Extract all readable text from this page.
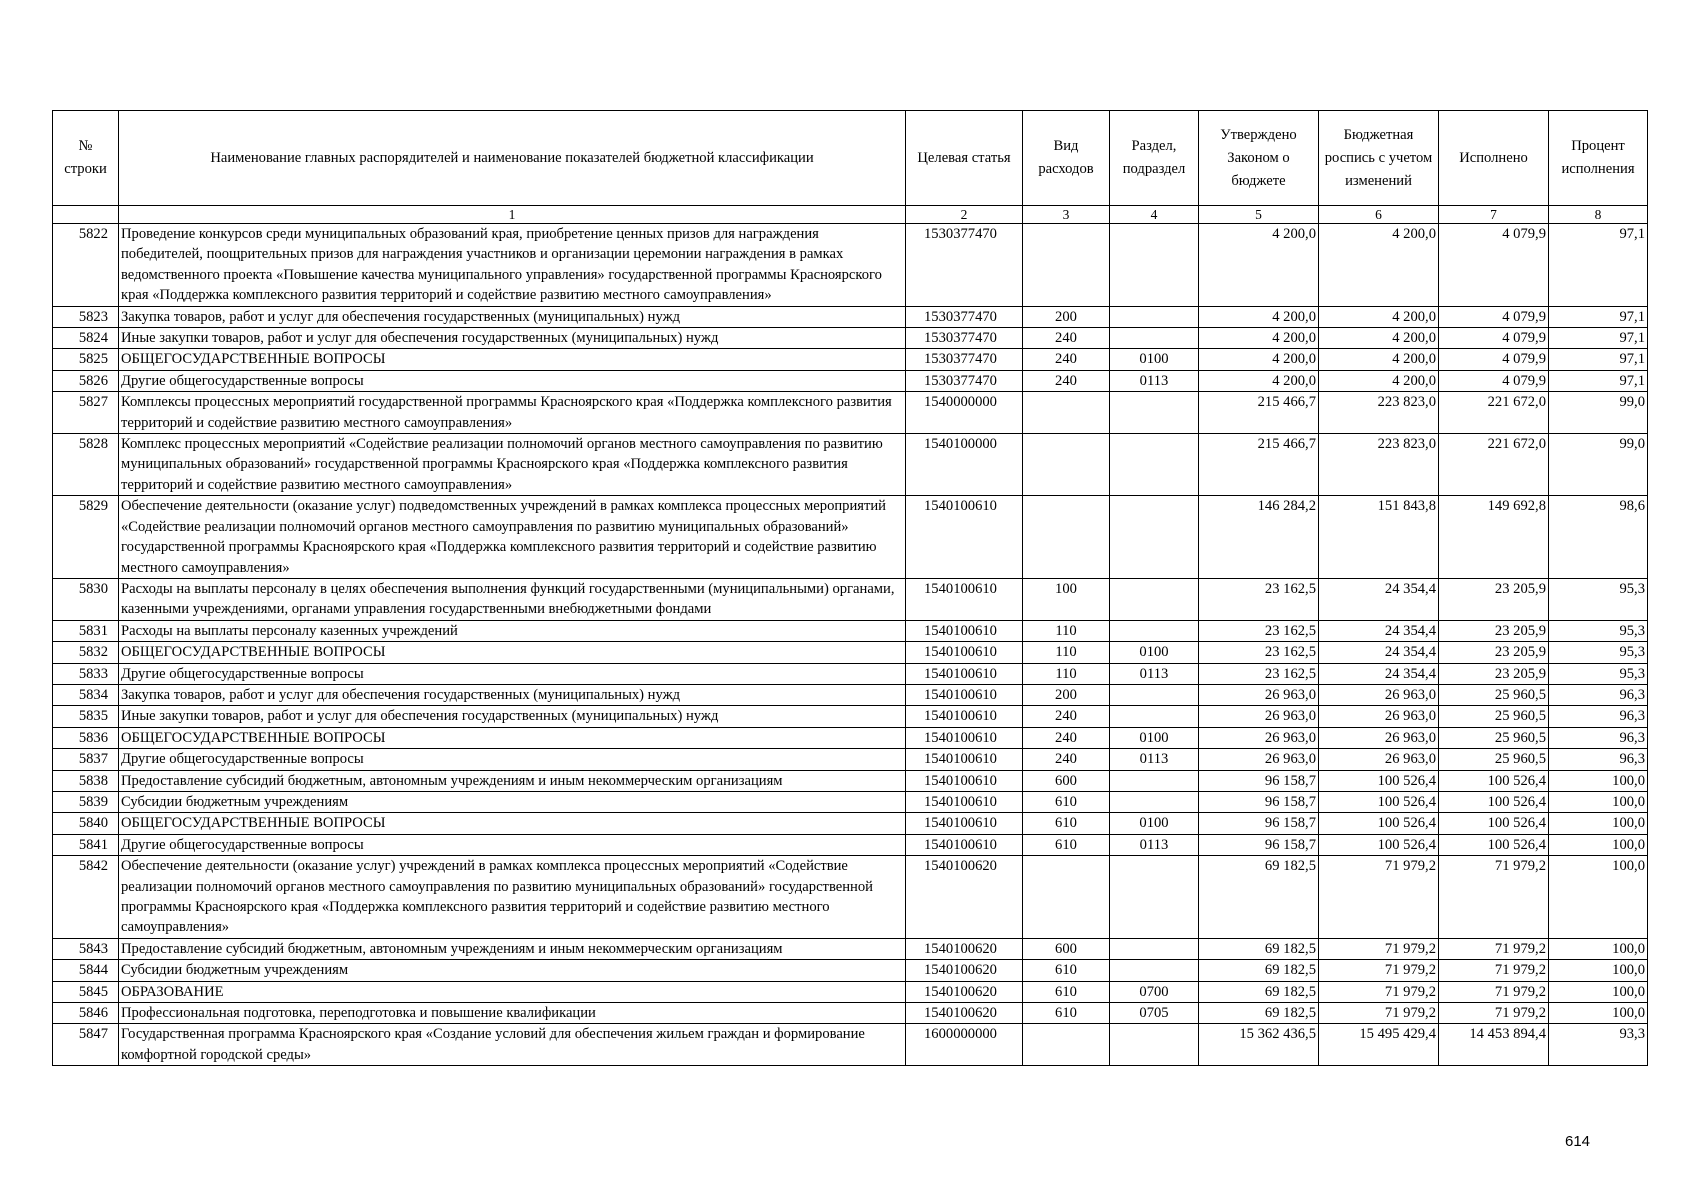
№ строки	Наименование главных распорядителей и наименование показателей бюджетной классификации	Целевая статья	Вид расходов	Раздел, подраздел	Утверждено Законом о бюджете	Бюджетная роспись с учетом изменений	Исполнено	Процент исполнения
	1	2	3	4	5	6	7	8
5822	Проведение конкурсов среди муниципальных образований края, приобретение ценных призов для награждения победителей, поощрительных призов для награждения участников и организации церемонии награждения в рамках ведомственного проекта «Повышение качества муниципального управления» государственной программы Красноярского края «Поддержка комплексного развития территорий и содействие развитию местного самоуправления»	1530377470			4 200,0	4 200,0	4 079,9	97,1
5823	Закупка товаров, работ и услуг для обеспечения государственных (муниципальных) нужд	1530377470	200		4 200,0	4 200,0	4 079,9	97,1
5824	Иные закупки товаров, работ и услуг для обеспечения государственных (муниципальных) нужд	1530377470	240		4 200,0	4 200,0	4 079,9	97,1
5825	ОБЩЕГОСУДАРСТВЕННЫЕ ВОПРОСЫ	1530377470	240	0100	4 200,0	4 200,0	4 079,9	97,1
5826	Другие общегосударственные вопросы	1530377470	240	0113	4 200,0	4 200,0	4 079,9	97,1
5827	Комплексы процессных мероприятий государственной программы Красноярского края «Поддержка комплексного развития территорий и содействие развитию местного самоуправления»	1540000000			215 466,7	223 823,0	221 672,0	99,0
5828	Комплекс процессных мероприятий «Содействие реализации полномочий органов местного самоуправления по развитию муниципальных образований» государственной программы Красноярского края «Поддержка комплексного развития территорий и содействие развитию местного самоуправления»	1540100000			215 466,7	223 823,0	221 672,0	99,0
5829	Обеспечение деятельности (оказание услуг) подведомственных учреждений в рамках комплекса процессных мероприятий «Содействие реализации полномочий органов местного самоуправления по развитию муниципальных образований» государственной программы Красноярского края «Поддержка комплексного развития территорий и содействие развитию местного самоуправления»	1540100610			146 284,2	151 843,8	149 692,8	98,6
5830	Расходы на выплаты персоналу в целях обеспечения выполнения функций государственными (муниципальными) органами, казенными учреждениями, органами управления государственными внебюджетными фондами	1540100610	100		23 162,5	24 354,4	23 205,9	95,3
5831	Расходы на выплаты персоналу казенных учреждений	1540100610	110		23 162,5	24 354,4	23 205,9	95,3
5832	ОБЩЕГОСУДАРСТВЕННЫЕ ВОПРОСЫ	1540100610	110	0100	23 162,5	24 354,4	23 205,9	95,3
5833	Другие общегосударственные вопросы	1540100610	110	0113	23 162,5	24 354,4	23 205,9	95,3
5834	Закупка товаров, работ и услуг для обеспечения государственных (муниципальных) нужд	1540100610	200		26 963,0	26 963,0	25 960,5	96,3
5835	Иные закупки товаров, работ и услуг для обеспечения государственных (муниципальных) нужд	1540100610	240		26 963,0	26 963,0	25 960,5	96,3
5836	ОБЩЕГОСУДАРСТВЕННЫЕ ВОПРОСЫ	1540100610	240	0100	26 963,0	26 963,0	25 960,5	96,3
5837	Другие общегосударственные вопросы	1540100610	240	0113	26 963,0	26 963,0	25 960,5	96,3
5838	Предоставление субсидий бюджетным, автономным учреждениям и иным некоммерческим организациям	1540100610	600		96 158,7	100 526,4	100 526,4	100,0
5839	Субсидии бюджетным учреждениям	1540100610	610		96 158,7	100 526,4	100 526,4	100,0
5840	ОБЩЕГОСУДАРСТВЕННЫЕ ВОПРОСЫ	1540100610	610	0100	96 158,7	100 526,4	100 526,4	100,0
5841	Другие общегосударственные вопросы	1540100610	610	0113	96 158,7	100 526,4	100 526,4	100,0
5842	Обеспечение деятельности (оказание услуг) учреждений в рамках комплекса процессных мероприятий «Содействие реализации полномочий органов местного самоуправления по развитию муниципальных образований» государственной программы Красноярского края «Поддержка комплексного развития территорий и содействие развитию местного самоуправления»	1540100620			69 182,5	71 979,2	71 979,2	100,0
5843	Предоставление субсидий бюджетным, автономным учреждениям и иным некоммерческим организациям	1540100620	600		69 182,5	71 979,2	71 979,2	100,0
5844	Субсидии бюджетным учреждениям	1540100620	610		69 182,5	71 979,2	71 979,2	100,0
5845	ОБРАЗОВАНИЕ	1540100620	610	0700	69 182,5	71 979,2	71 979,2	100,0
5846	Профессиональная подготовка, переподготовка и повышение квалификации	1540100620	610	0705	69 182,5	71 979,2	71 979,2	100,0
5847	Государственная программа Красноярского края «Создание условий для обеспечения жильем граждан и формирование комфортной городской среды»	1600000000			15 362 436,5	15 495 429,4	14 453 894,4	93,3
614
